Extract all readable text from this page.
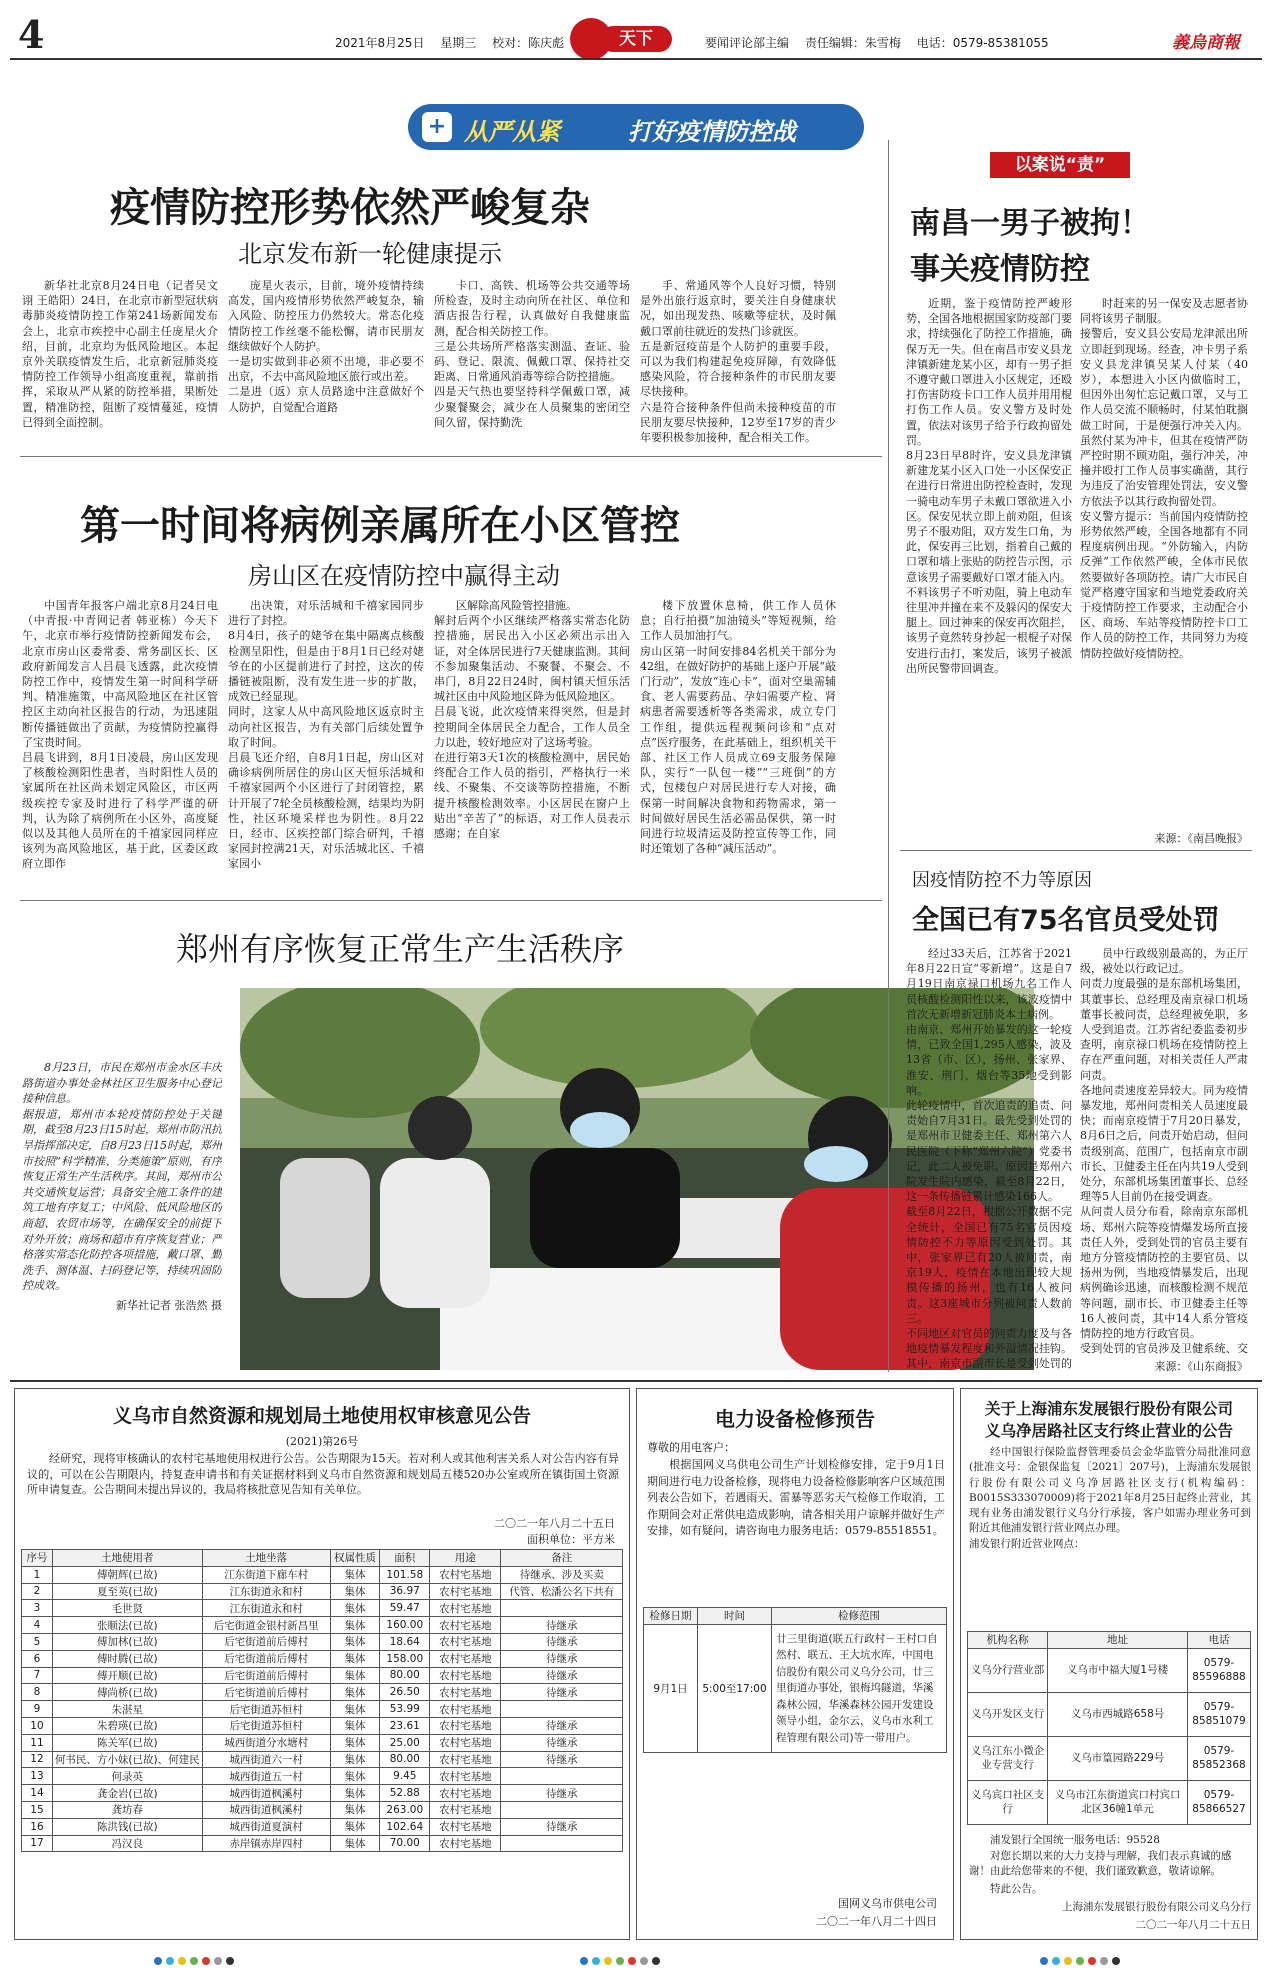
4	2021年8月25日 星期三 校对：陈庆彪	天下	要闻评论部主编 责任编辑：朱雪梅 电话：0579-85381055	義烏商報
+ 从严从紧	打好疫情防控战
疫情防控形势依然严峻复杂
北京发布新一轮健康提示

新华社北京8月24日电（记者吴文诩 王皓阳）24日，在北京市新型冠状病毒肺炎疫情防控工作第241场新闻发布会上，北京市疾控中心副主任庞星火介绍，目前，北京均为低风险地区。本起京外关联疫情发生后，北京新冠肺炎疫情防控工作领导小组高度重视，靠前指挥，采取从严从紧的防控举措，果断处置，精准防控，阻断了疫情蔓延，疫情已得到全面控制。

庞星火表示，目前，境外疫情持续高发，国内疫情形势依然严峻复杂，输入风险、防控压力仍然较大。常态化疫情防控工作丝毫不能松懈，请市民朋友继续做好个人防护。
一是切实做到非必须不出境，非必要不出京，不去中高风险地区旅行或出差。
二是进（返）京人员路途中注意做好个人防护，自觉配合道路
卡口、高铁、机场等公共交通等场所检查，及时主动向所在社区、单位和酒店报告行程，认真做好自我健康监测，配合相关防控工作。
三是公共场所严格落实测温、查证、验码、登记、限流、佩戴口罩、保持社交距离、日常通风消毒等综合防控措施。
四是天气热也要坚持科学佩戴口罩，减少聚餐聚会，减少在人员聚集的密闭空间久留，保持勤洗
手、常通风等个人良好习惯，特别是外出旅行返京时，要关注自身健康状况，如出现发热、咳嗽等症状，及时佩戴口罩前往就近的发热门诊就医。
五是新冠疫苗是个人防护的重要手段，可以为我们构建起免疫屏障，有效降低感染风险，符合接种条件的市民朋友要尽快接种。
六是符合接种条件但尚未接种疫苗的市民朋友要尽快接种，12岁至17岁的青少年要积极参加接种，配合相关工作。
第一时间将病例亲属所在小区管控
房山区在疫情防控中赢得主动
中国青年报客户端北京8月24日电（中青报·中青网记者 韩亚栋）今天下午，北京市举行疫情防控新闻发布会，北京市房山区委常委、常务副区长、区政府新闻发言人吕晨飞透露，此次疫情防控工作中，疫情发生第一时间科学研判、精准施策，中高风险地区在社区管控区主动向社区报告的行动，为迅速阻断传播链做出了贡献，为疫情防控赢得了宝贵时间。
吕晨飞讲到，8月1日凌晨，房山区发现了核酸检测阳性患者，当时阳性人员的家属所在社区尚未划定风险区，市区两级疾控专家及时进行了科学严谨的研判，认为除了病例所在小区外，高度疑似以及其他人员所在的千禧家园同样应该列为高风险地区，基于此，区委区政府立即作
出决策，对乐活城和千禧家园同步进行了封控。
8月4日，孩子的姥爷在集中隔离点核酸检测呈阳性，但是由于8月1日已经对姥爷在的小区提前进行了封控，这次的传播链被阻断，没有发生进一步的扩散，成效已经显现。
同时，这家人从中高风险地区返京时主动向社区报告，为有关部门后续处置争取了时间。
吕晨飞还介绍，自8月1日起，房山区对确诊病例所居住的房山区天恒乐活城和千禧家园两个小区进行了封闭管控，累计开展了7轮全员核酸检测，结果均为阴性，社区环境采样也为阴性。8月22日，经市、区疾控部门综合研判，千禧家园封控满21天，对乐活城北区、千禧家园小
区解除高风险管控措施。
解封后两个小区继续严格落实常态化防控措施，居民出入小区必须出示出入证，对全体居民进行7天健康监测。其间不参加聚集活动、不聚餐、不聚会、不串门，8月22日24时，闽村镇天恒乐活城社区由中风险地区降为低风险地区。
吕晨飞说，此次疫情来得突然，但是封控期间全体居民全力配合，工作人员全力以赴，较好地应对了这场考验。
在进行第3天1次的核酸检测中，居民始终配合工作人员的指引，严格执行一米线、不聚集、不交谈等防控措施，不断提升核酸检测效率。小区居民在窗户上贴出“辛苦了”的标语，对工作人员表示感谢；在自家
楼下放置休息椅，供工作人员休息；自行拍摄“加油镜头”等短视频，给工作人员加油打气。
房山区第一时间安排84名机关干部分为42组，在做好防护的基础上逐户开展“敲门行动”，发放“连心卡”，面对空巢需辅食、老人需要药品、孕妇需要产检、肾病患者需要透析等各类需求，成立专门工作组，提供远程视频问诊和“点对点”医疗服务，在此基础上，组织机关干部、社区工作人员成立69支服务保障队，实行“一队包一楼”“三班倒”的方式，包楼包户对居民进行专人对接，确保第一时间解决食物和药物需求，第一时间做好居民生活必需品保供，第一时间进行垃圾清运及防控宣传等工作，同时还策划了各种“减压活动”。
郑州有序恢复正常生产生活秩序
8月23日，市民在郑州市金水区丰庆路街道办事处金林社区卫生服务中心登记接种信息。
据报道，郑州市本轮疫情防控处于关键期，截至8月23日15时起，郑州市防汛抗旱指挥部决定，自8月23日15时起，郑州市按照“科学精准、分类施策”原则，有序恢复正常生产生活秩序。其间，郑州市公共交通恢复运营；具备安全施工条件的建筑工地有序复工；中风险、低风险地区的商超、农贸市场等，在确保安全的前提下对外开放；商场和超市有序恢复营业；严格落实常态化防控各项措施，戴口罩、勤洗手、测体温、扫码登记等，持续巩固防控成效。
新华社记者 张浩然 摄
以案说“责”
南昌一男子被拘！
事关疫情防控
近期，鉴于疫情防控严峻形势，全国各地根据国家防疫部门要求，持续强化了防控工作措施，确保万无一失。但在南昌市安义县龙津镇新建龙某小区，却有一男子拒不遵守戴口罩进入小区规定，还殴打伤害防疫卡口工作人员并用用棍打伤工作人员。安义警方及时处置，依法对该男子给予行政拘留处罚。
8月23日早8时许，安义县龙津镇新建龙某小区入口处一小区保安正在进行日常进出防控检查时，发现一骑电动车男子未戴口罩欲进入小区。保安见状立即上前劝阻，但该男子不服劝阻，双方发生口角，为此，保安再三比划，指着自己戴的口罩和墙上张贴的防控告示图，示意该男子需要戴好口罩才能入内。
不料该男子不听劝阻，骑上电动车往里冲并撞在来不及躲闪的保安大腿上。回过神来的保安再次阻拦，该男子竟然转身抄起一根棍子对保安进行击打，案发后，该男子被派出所民警带回调查。
时赶来的另一保安及志愿者协同将该男子制服。
接警后，安义县公安局龙津派出所立即赶到现场。经查，冲卡男子系安义县龙津镇吴某人付某（40岁），本想进入小区内做临时工，但因外出匆忙忘记戴口罩，又与工作人员交流不顺畅时，付某怕耽搁做工时间，于是便强行冲关入内。虽然付某为冲卡，但其在疫情严防严控时期不顾劝阻，强行冲关，冲撞并殴打工作人员事实确凿，其行为违反了治安管理处罚法，安义警方依法予以其行政拘留处罚。
安义警方提示：当前国内疫情防控形势依然严峻，全国各地都有不同程度病例出现。“外防输入，内防反弹”工作依然严峻，全体市民依然要做好各项防控。请广大市民自觉严格遵守国家和当地党委政府关于疫情防控工作要求，主动配合小区、商场、车站等疫情防控卡口工作人员的防控工作，共同努力为疫情防控做好疫情防控。
来源：《南昌晚报》
因疫情防控不力等原因
全国已有75名官员受处罚
经过33天后，江苏省于2021年8月22日宣“零新增”。这是自7月19日南京禄口机场九名工作人员核酸检测阳性以来，该波疫情中首次无新增新冠肺炎本土病例。
由南京、郑州开始暴发的这一轮疫情，已致全国1,295人感染，波及13省（市、区），扬州、张家界、淮安、荆门、烟台等35地受到影响。
此轮疫情中，首次追责的追责、问责始自7月31日。最先受到处罚的是郑州市卫健委主任、郑州第六人民医院（下称“郑州六院”）党委书记，此二人被免职。原因是郑州六院发生院内感染，截至8月22日，这一条传播链累计感染166人。
截至8月22日，根据公开数据不完全统计，全国已有75名官员因疫情防控不力等原因受到处罚。其中，张家界已有20人被问责，南京19人，疫情在本地出现较大规模传播的扬州，也有16人被问责。这3座城市分列被问责人数前三。
不同地区对官员的问责力度及与各地疫情暴发程度和外溢情况挂钩。其中，南京市副市长是受到处罚的
员中行政级别最高的，为正厅级，被处以行政记过。
问责力度最强的是东部机场集团，其董事长、总经理及南京禄口机场董事长被问责，总经理被免职，多人受到追责。江苏省纪委监委初步查明，南京禄口机场在疫情防控上存在严重问题，对相关责任人严肃问责。
各地问责速度差异较大。同为疫情暴发地，郑州问责相关人员速度最快；而南京疫情于7月20日暴发，8月6日之后，问责开始启动，但问责级别高、范围广，包括南京市副市长、卫健委主任在内共19人受到处分，东部机场集团董事长、总经理等5人目前仍在接受调查。
从问责人员分布看，除南京东部机场、郑州六院等疫情爆发场所直接责任人外，受到处罚的官员主要有地方分管疫情防控的主要官员、以扬州为例，当地疫情暴发后，出现病例确诊迅速，而核酸检测不规范等问题，副市长、市卫健委主任等16人被问责，其中14人系分管疫情防控的地方行政官员。
受到处罚的官员涉及卫健系统、交
来源：《山东商报》
义乌市自然资源和规划局土地使用权审核意见公告
(2021)第26号
经研究，现将审核确认的农村宅基地使用权进行公告。公告期限为15天。若对利人或其他利害关系人对公告内容有异议的，可以在公告期限内，持复查申请书和有关证据材料到义乌市自然资源和规划局五楼520办公室或所在镇街国土资源所申请复查。公告期间未提出异议的，我局将核批意见告知有关单位。
二〇二一年八月二十五日
面积单位：平方米
序号	土地使用者	土地坐落	权属性质	面积	用途	备注
1	傅朝辉(已故)	江东街道下廊车村	集体	101.58	农村宅基地	待继承、涉及买卖
2	夏至英(已故)	江东街道永和村	集体	36.97	农村宅基地	代管、松潘公名下共有
3	毛世贤	江东街道永和村	集体	59.47	农村宅基地	
4	张顺法(已故)	后宅街道金银村新昌里	集体	160.00	农村宅基地	待继承
5	傅加林(已故)	后宅街道前后傅村	集体	18.64	农村宅基地	待继承
6	傅时腾(已故)	后宅街道前后傅村	集体	158.00	农村宅基地	待继承
7	傅开顺(已故)	后宅街道前后傅村	集体	80.00	农村宅基地	待继承
8	傅尚桥(已故)	后宅街道前后傅村	集体	26.50	农村宅基地	待继承
9	朱湛星	后宅街道苏恒村	集体	53.99	农村宅基地	
10	朱碧瑛(已故)	后宅街道苏恒村	集体	23.61	农村宅基地	待继承
11	陈关军(已故)	城西街道分水塘村	集体	25.00	农村宅基地	待继承
12	何书民、方小妹(已故)、何建民	城西街道六一村	集体	80.00	农村宅基地	待继承
13	何录英	城西街道五一村	集体	9.45	农村宅基地	
14	龚金岩(已故)	城西街道枫溪村	集体	52.88	农村宅基地	待继承
15	龚坊春	城西街道枫溪村	集体	263.00	农村宅基地	
16	陈洪钱(已故)	城西街道夏演村	集体	102.64	农村宅基地	待继承
17	冯汉良	赤岸镇赤岸四村	集体	70.00	农村宅基地	
电力设备检修预告
尊敬的用电客户：
根据国网义乌供电公司生产计划检修安排，定于9月1日期间进行电力设备检修，现将电力设备检修影响客户区域范围列表公告如下，若遇雨天、雷暴等恶劣天气检修工作取消，工作期间会对正常供电造成影响，请各相关用户谅解并做好生产安排，如有疑问，请咨询电力服务电话：0579-85518551。
检修日期	时间	检修范围
9月1日	5:00至17:00	廿三里街道(联五行政村－王村口自然村、联五、王大坑水库，中国电信股份有限公司义乌分公司，廿三里街道办事处，银梅坞隧道，华溪森林公园，华溪森林公园开发建设领导小组，金尔云，义乌市水利工程管理有限公司)等一带用户。
国网义乌市供电公司
二〇二一年八月二十四日
关于上海浦东发展银行股份有限公司
义乌净居路社区支行终止营业的公告
经中国银行保险监督管理委员会金华监管分局批准同意(批准文号：金银保监复〔2021〕207号)，上海浦东发展银行股份有限公司义乌净居路社区支行(机构编码：B0015S333070009)将于2021年8月25日起终止营业，其现有业务由浦发银行义乌分行承接，客户如需办理业务可到附近其他浦发银行营业网点办理。
浦发银行附近营业网点：
机构名称	地址	电话
义乌分行营业部	义乌市中福大厦1号楼	0579-85596888
义乌开发区支行	义乌市西城路658号	0579-85851079
义乌江东小微企业专营支行	义乌市篁园路229号	0579-85852368
义乌宾口社区支行	义乌市江东街道宾口村宾口北区36幢1单元	0579-85866527
浦发银行全国统一服务电话：95528
对您长期以来的大力支持与理解，我们表示真诚的感谢！由此给您带来的不便，我们谨致歉意，敬请谅解。
特此公告。
上海浦东发展银行股份有限公司义乌分行
二〇二一年八月二十五日
